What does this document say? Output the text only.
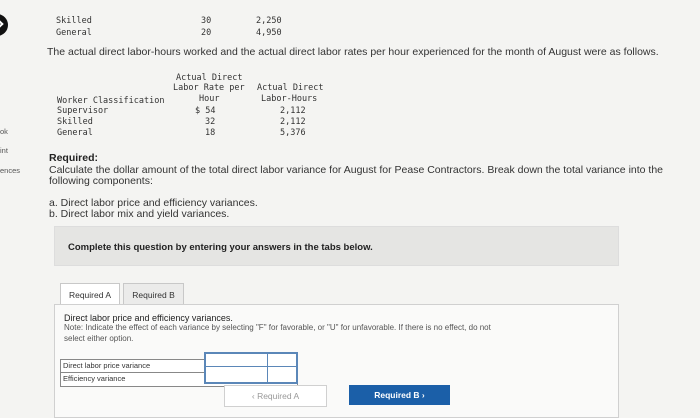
ok
int
ences
Skilled	30	2,250
General	20	4,950
The actual direct labor-hours worked and the actual direct labor rates per hour experienced for the month of August were as follows.
Actual Direct
Labor Rate per
Hour
Actual Direct
Labor-Hours
Worker Classification
Supervisor	$ 54	2,112
Skilled	32	2,112
General	18	5,376
Required:
Calculate the dollar amount of the total direct labor variance for August for Pease Contractors. Break down the total variance into the
following components:
a. Direct labor price and efficiency variances.
b. Direct labor mix and yield variances.
Complete this question by entering your answers in the tabs below.
Required A	Required B
Direct labor price and efficiency variances.
Note: Indicate the effect of each variance by selecting "F" for favorable, or "U" for unfavorable. If there is no effect, do not
select either option.
Direct labor price variance
Efficiency variance
‹ Required A	Required B ›
